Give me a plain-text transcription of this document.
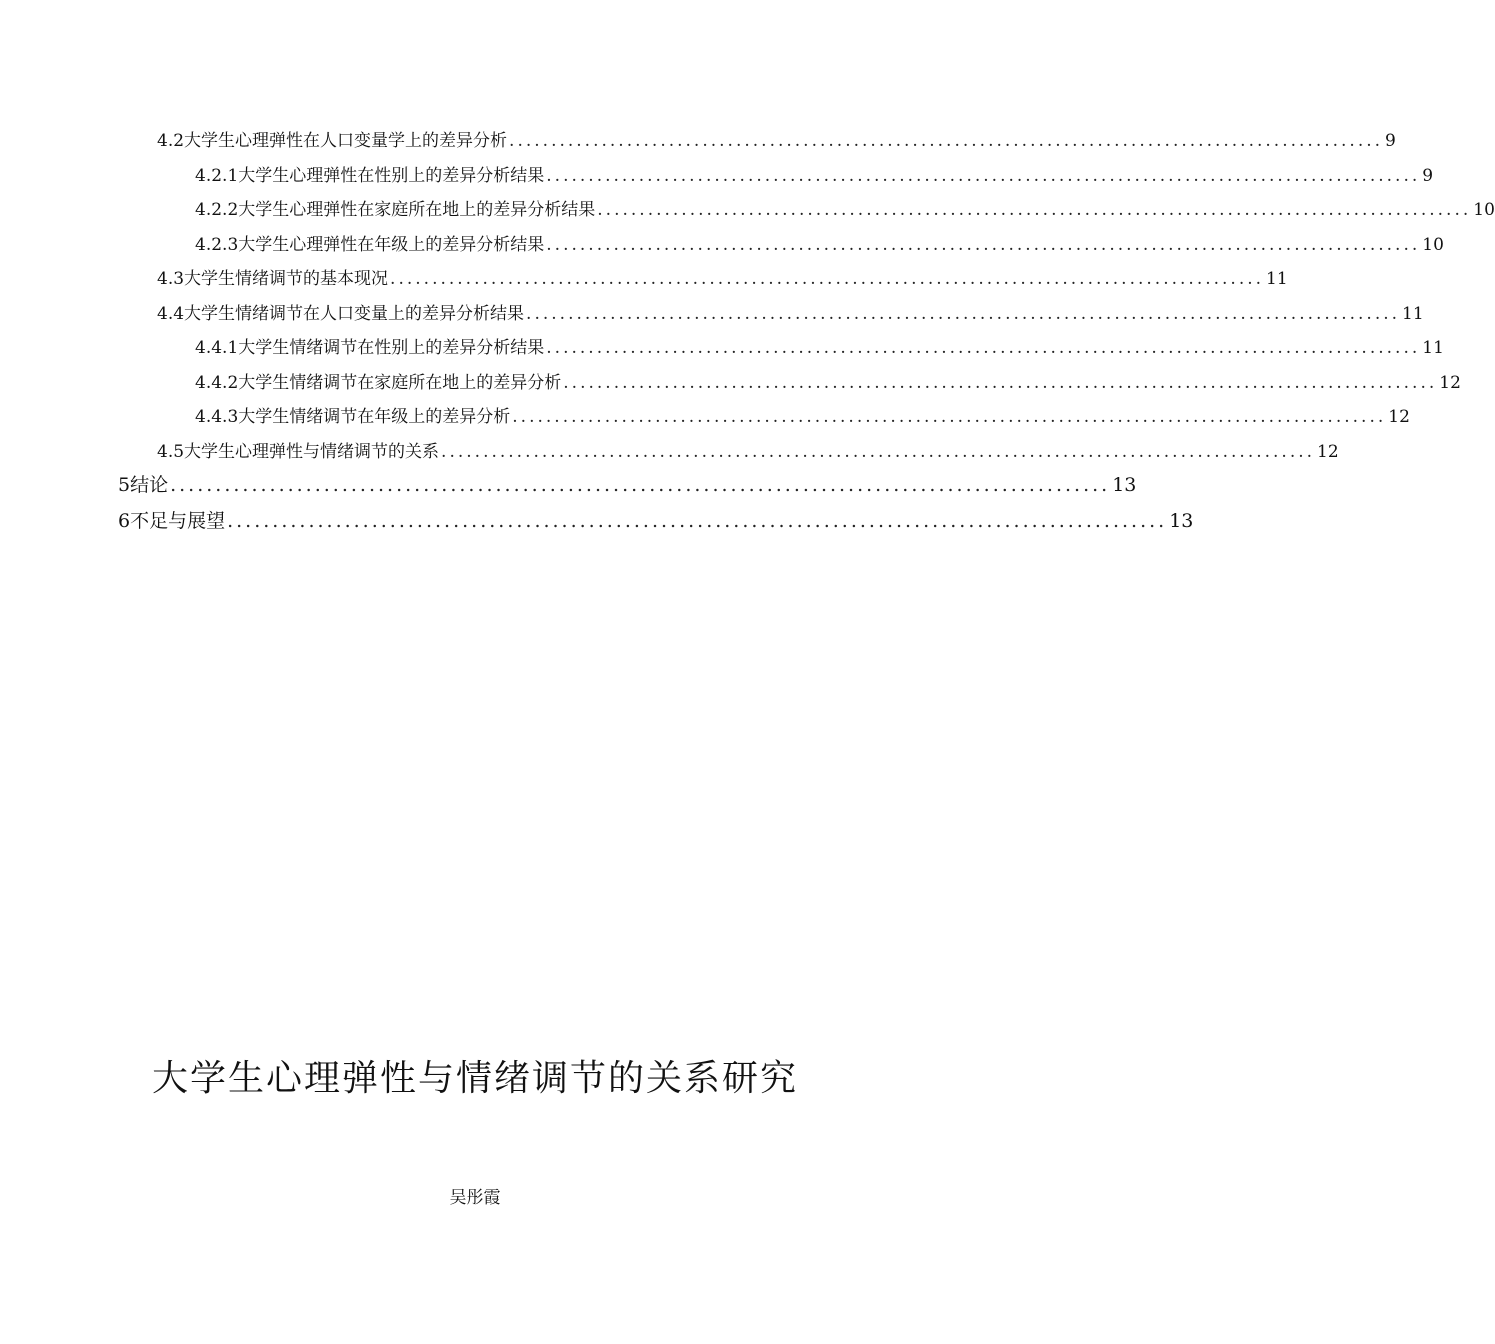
4.2大学生心理弹性在人口变量学上的差异分析 ........................................................................................................ 9
4.2.1大学生心理弹性在性别上的差异分析结果 ........................................................................................................ 9
4.2.2大学生心理弹性在家庭所在地上的差异分析结果 ........................................................................................................ 10
4.2.3大学生心理弹性在年级上的差异分析结果 ........................................................................................................ 10
4.3大学生情绪调节的基本现况 ........................................................................................................ 11
4.4大学生情绪调节在人口变量上的差异分析结果 ........................................................................................................ 11
4.4.1大学生情绪调节在性别上的差异分析结果 ........................................................................................................ 11
4.4.2大学生情绪调节在家庭所在地上的差异分析 ........................................................................................................ 12
4.4.3大学生情绪调节在年级上的差异分析 ........................................................................................................ 12
4.5大学生心理弹性与情绪调节的关系 ........................................................................................................ 12
5结论 ........................................................................................................ 13
6不足与展望 ........................................................................................................ 13
大学生心理弹性与情绪调节的关系研究
吴彤霞
